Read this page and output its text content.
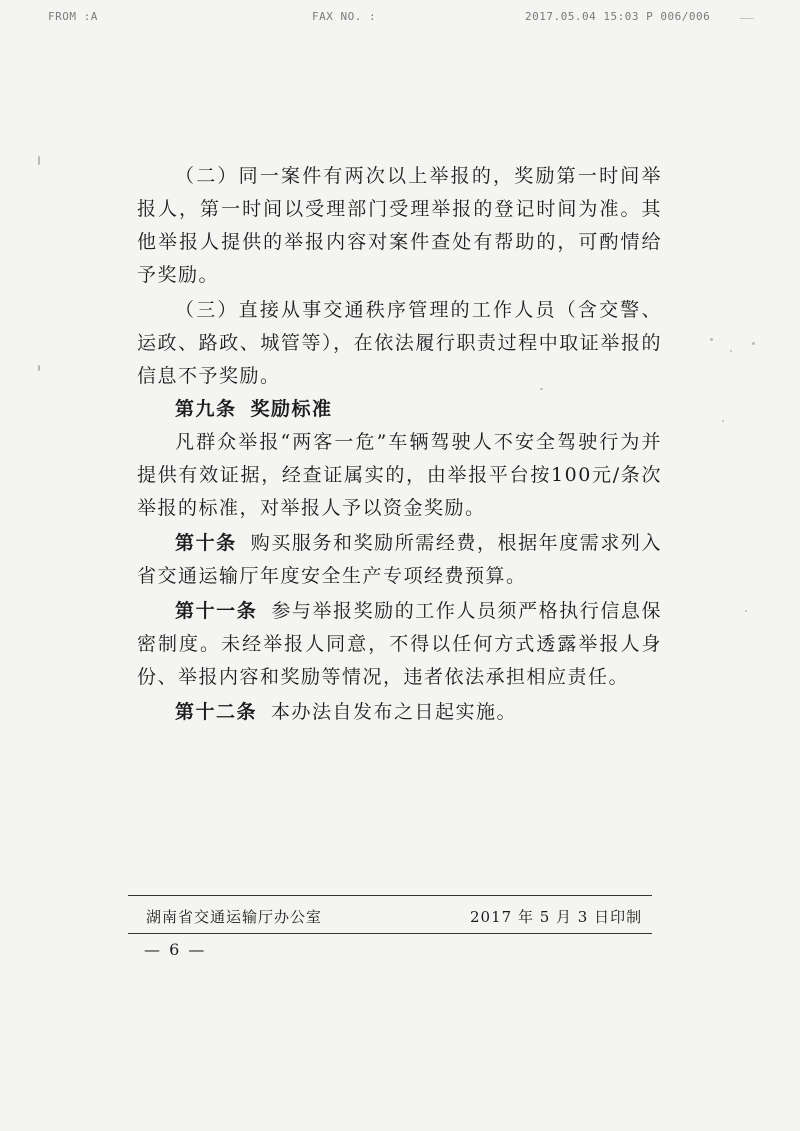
FROM :A	FAX NO. :	2017.05.04 15:03 P 006/006	__

（二）同一案件有两次以上举报的，奖励第一时间举报人，第一时间以受理部门受理举报的登记时间为准。其他举报人提供的举报内容对案件查处有帮助的，可酌情给予奖励。

（三）直接从事交通秩序管理的工作人员（含交警、运政、路政、城管等），在依法履行职责过程中取证举报的信息不予奖励。

第九条 奖励标准

凡群众举报“两客一危”车辆驾驶人不安全驾驶行为并提供有效证据，经查证属实的，由举报平台按100元/条次举报的标准，对举报人予以资金奖励。

第十条 购买服务和奖励所需经费，根据年度需求列入省交通运输厅年度安全生产专项经费预算。

第十一条 参与举报奖励的工作人员须严格执行信息保密制度。未经举报人同意，不得以任何方式透露举报人身份、举报内容和奖励等情况，违者依法承担相应责任。

第十二条 本办法自发布之日起实施。

湖南省交通运输厅办公室	2017 年 5 月 3 日印制
— 6 —
